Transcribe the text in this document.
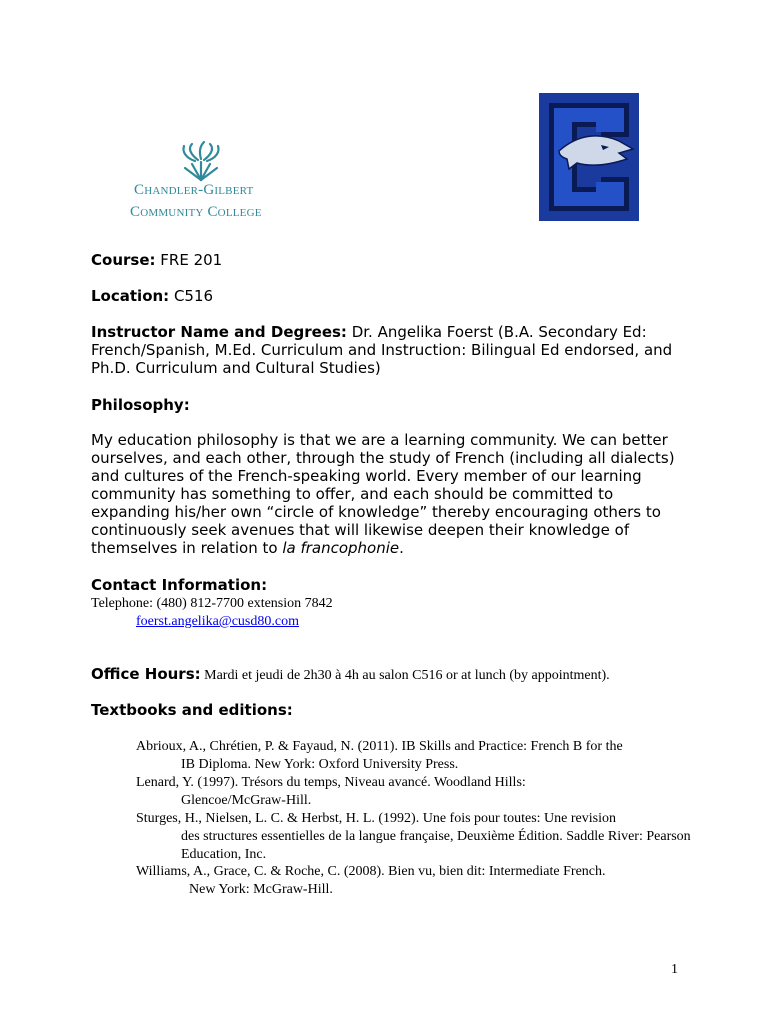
Chandler-Gilbert
Community College
Course: FRE 201
Location: C516
Instructor Name and Degrees: Dr. Angelika Foerst (B.A. Secondary Ed: French/Spanish, M.Ed. Curriculum and Instruction: Bilingual Ed endorsed, and Ph.D. Curriculum and Cultural Studies)
Philosophy:
My education philosophy is that we are a learning community. We can better ourselves, and each other, through the study of French (including all dialects) and cultures of the French-speaking world. Every member of our learning community has something to offer, and each should be committed to expanding his/her own “circle of knowledge” thereby encouraging others to continuously seek avenues that will likewise deepen their knowledge of themselves in relation to la francophonie.
Contact Information:
Telephone: (480) 812-7700 extension 7842
foerst.angelika@cusd80.com
Office Hours: Mardi et jeudi de 2h30 à 4h au salon C516 or at lunch (by appointment).
Textbooks and editions:
Abrioux, A., Chrétien, P. & Fayaud, N. (2011). IB Skills and Practice: French B for the
IB Diploma. New York: Oxford University Press.
Lenard, Y. (1997). Trésors du temps, Niveau avancé. Woodland Hills:
Glencoe/McGraw-Hill.
Sturges, H., Nielsen, L. C. & Herbst, H. L. (1992). Une fois pour toutes: Une revision
des structures essentielles de la langue française, Deuxième Édition. Saddle River: Pearson Education, Inc.
Williams, A., Grace, C. & Roche, C. (2008). Bien vu, bien dit: Intermediate French.
New York: McGraw-Hill.
1
